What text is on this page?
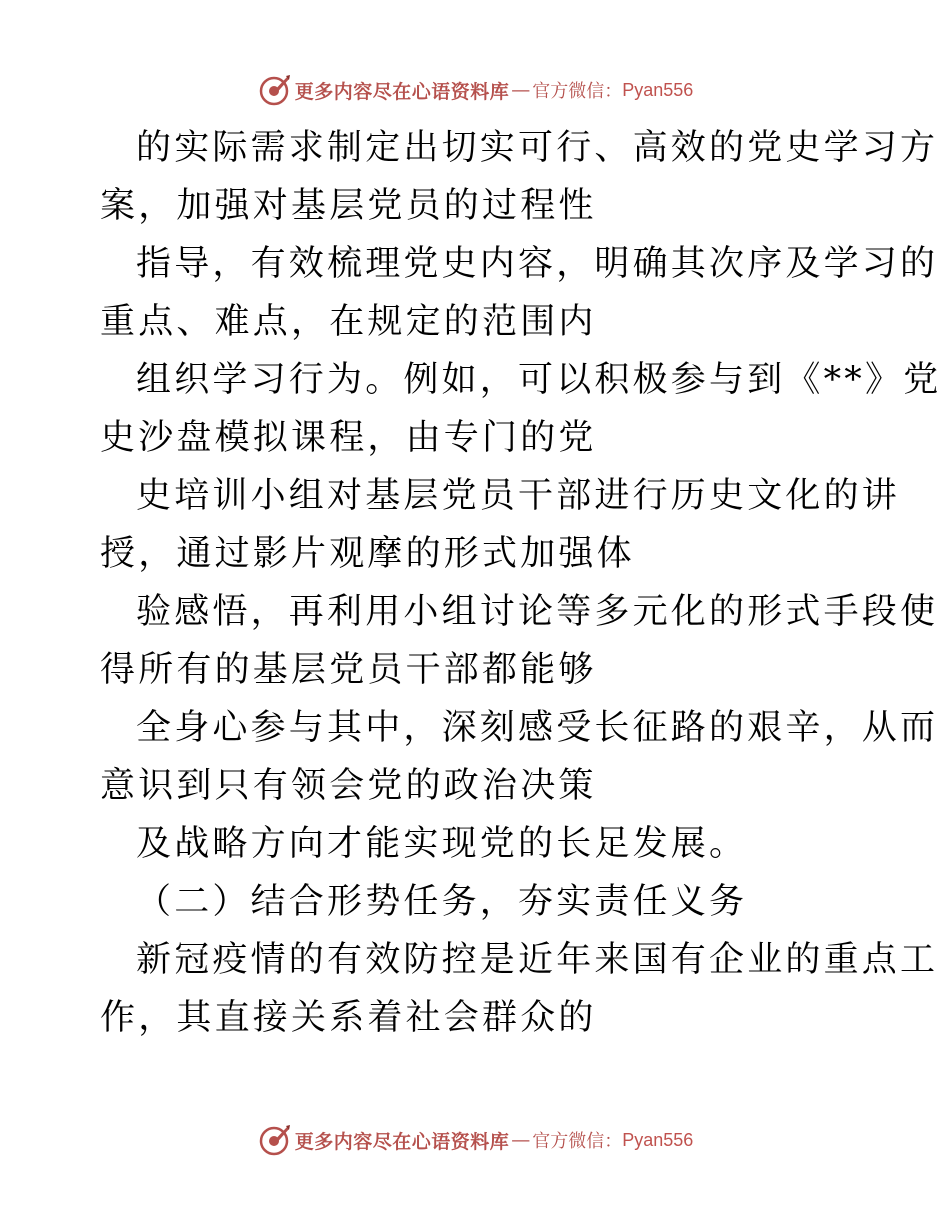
更多内容尽在心语资料库 — 官方微信： Pyan556
的实际需求制定出切实可行、高效的党史学习方
案，加强对基层党员的过程性
指导，有效梳理党史内容，明确其次序及学习的
重点、难点，在规定的范围内
组织学习行为。例如，可以积极参与到《**》党
史沙盘模拟课程，由专门的党
史培训小组对基层党员干部进行历史文化的讲
授，通过影片观摩的形式加强体
验感悟，再利用小组讨论等多元化的形式手段使
得所有的基层党员干部都能够
全身心参与其中，深刻感受长征路的艰辛，从而
意识到只有领会党的政治决策
及战略方向才能实现党的长足发展。
（二）结合形势任务，夯实责任义务
新冠疫情的有效防控是近年来国有企业的重点工
作，其直接关系着社会群众的
更多内容尽在心语资料库 — 官方微信： Pyan556
